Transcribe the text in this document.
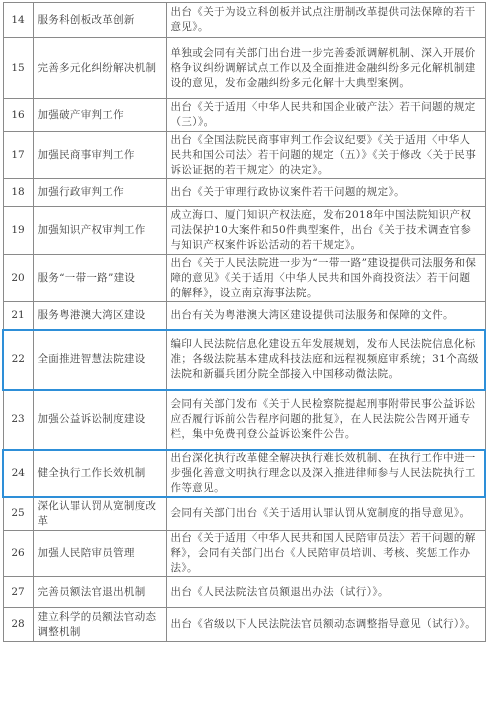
14	服务科创板改革创新	出台《关于为设立科创板并试点注册制改革提供司法保障的若干意见》。
15	完善多元化纠纷解决机制	单独或会同有关部门出台进一步完善委派调解机制、深入开展价格争议纠纷调解试点工作以及全面推进金融纠纷多元化解机制建设的意见，发布金融纠纷多元化解十大典型案例。
16	加强破产审判工作	出台《关于适用〈中华人民共和国企业破产法〉若干问题的规定（三）》。
17	加强民商事审判工作	出台《全国法院民商事审判工作会议纪要》《关于适用〈中华人民共和国公司法〉若干问题的规定（五）》《关于修改〈关于民事诉讼证据的若干规定〉的决定》。
18	加强行政审判工作	出台《关于审理行政协议案件若干问题的规定》。
19	加强知识产权审判工作	成立海口、厦门知识产权法庭，发布2018年中国法院知识产权司法保护10大案件和50件典型案件，出台《关于技术调查官参与知识产权案件诉讼活动的若干规定》。
20	服务“一带一路”建设	出台《关于人民法院进一步为“一带一路”建设提供司法服务和保障的意见》《关于适用〈中华人民共和国外商投资法〉若干问题的解释》，设立南京海事法院。
21	服务粤港澳大湾区建设	出台有关为粤港澳大湾区建设提供司法服务和保障的文件。
22	全面推进智慧法院建设	编印人民法院信息化建设五年发展规划，发布人民法院信息化标准；各级法院基本建成科技法庭和远程视频庭审系统；31个高级法院和新疆兵团分院全部接入中国移动微法院。
23	加强公益诉讼制度建设	会同有关部门发布《关于人民检察院提起刑事附带民事公益诉讼应否履行诉前公告程序问题的批复》，在人民法院公告网开通专栏，集中免费刊登公益诉讼案件公告。
24	健全执行工作长效机制	出台深化执行改革健全解决执行难长效机制、在执行工作中进一步强化善意文明执行理念以及深入推进律师参与人民法院执行工作等意见。
25	深化认罪认罚从宽制度改革	会同有关部门出台《关于适用认罪认罚从宽制度的指导意见》。
26	加强人民陪审员管理	出台《关于适用〈中华人民共和国人民陪审员法〉若干问题的解释》，会同有关部门出台《人民陪审员培训、考核、奖惩工作办法》。
27	完善员额法官退出机制	出台《人民法院法官员额退出办法（试行）》。
28	建立科学的员额法官动态调整机制	出台《省级以下人民法院法官员额动态调整指导意见（试行）》。
